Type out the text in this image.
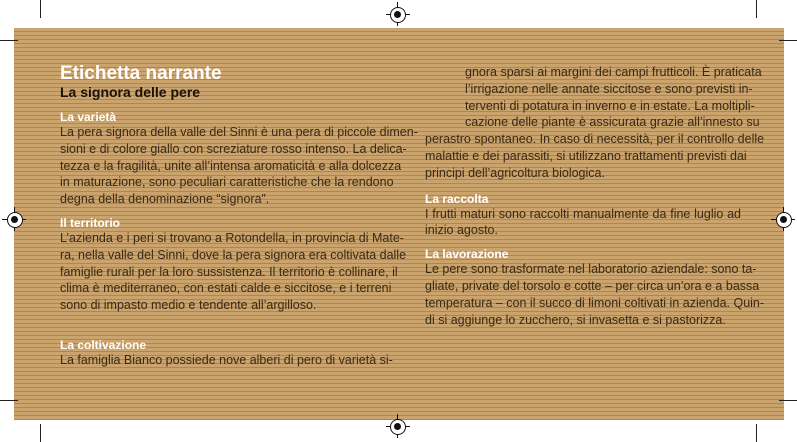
Etichetta narrante
La signora delle pere
La varietà
La pera signora della valle del Sinni è una pera di piccole dimen-
sioni e di colore giallo con screziature rosso intenso. La delica-
tezza e la fragilità, unite all’intensa aromaticità e alla dolcezza
in maturazione, sono peculiari caratteristiche che la rendono
degna della denominazione “signora”.
Il territorio
L’azienda e i peri si trovano a Rotondella, in provincia di Mate-
ra, nella valle del Sinni, dove la pera signora era coltivata dalle
famiglie rurali per la loro sussistenza. Il territorio è collinare, il
clima è mediterraneo, con estati calde e siccitose, e i terreni
sono di impasto medio e tendente all’argilloso.
La coltivazione
La famiglia Bianco possiede nove alberi di pero di varietà si-
gnora sparsi ai margini dei campi frutticoli. È praticata
l’irrigazione nelle annate siccitose e sono previsti in-
terventi di potatura in inverno e in estate. La moltipli-
cazione delle piante è assicurata grazie all’innesto su
perastro spontaneo. In caso di necessità, per il controllo delle
malattie e dei parassiti, si utilizzano trattamenti previsti dai
principi dell’agricoltura biologica.
La raccolta
I frutti maturi sono raccolti manualmente da fine luglio ad
inizio agosto.
La lavorazione
Le pere sono trasformate nel laboratorio aziendale: sono ta-
gliate, private del torsolo e cotte – per circa un’ora e a bassa
temperatura – con il succo di limoni coltivati in azienda. Quin-
di si aggiunge lo zucchero, si invasetta e si pastorizza.
